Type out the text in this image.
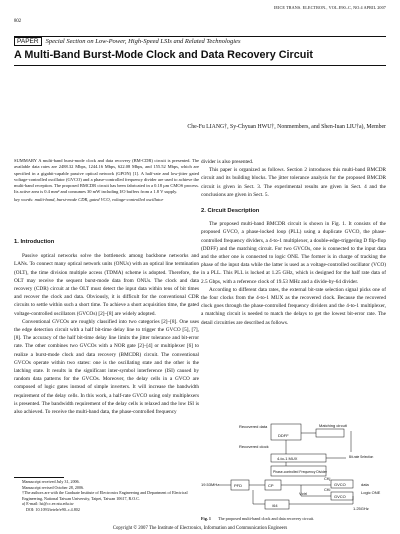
IEICE TRANS. ELECTRON., VOL.E90–C, NO.4 APRIL 2007
802
PAPER Special Section on Low-Power, High-Speed LSIs and Related Technologies
A Multi-Band Burst-Mode Clock and Data Recovery Circuit
Che-Fu LIANG†, Sy-Chyuan HWU†, Nonmembers, and Shen-Iuan LIU†a), Member
SUMMARY A multi-band burst-mode clock and data recovery (BM-CDR) circuit is presented. The available data rates are 2488.32 Mbps, 1244.16 Mbps, 622.08 Mbps, and 155.52 Mbps, which are specified in a gigabit-capable passive optical network (GPON) [1]. A half-rate and low-jitter gated voltage-controlled oscillator (GVCO) and a phase-controlled frequency divider are used to achieve the multi-band reception. The proposed BMCDR circuit has been fabricated in a 0.18 μm CMOS process. Its active area is 0.4 mm² and consumes 30 mW including I/O buffers from a 1.8 V supply.
key words: multi-band, burst-mode CDR, gated VCO, voltage-controlled oscillator
1. Introduction

Passive optical networks solve the bottleneck among backbone networks and LANs. To connect many optical network units (ONUs) with an optical line termination (OLT), the time division multiple access (TDMA) scheme is adopted. Therefore, the OLT may receive the sequent burst-mode data from ONUs. The clock and data recovery (CDR) circuit at the OLT must detect the input data within tens of bit times and recover the clock and data. Obviously, it is difficult for the conventional CDR circuits to settle within such a short time. To achieve a short acquisition time, the gated voltage-controlled oscillators (GVCOs) [2]–[8] are widely adopted.

Conventional GVCOs are roughly classified into two categories [2]–[8]. One uses the edge detection circuit with a half bit-time delay line to trigger the GVCO [5], [7], [8]. The accuracy of the half bit-time delay line limits the jitter tolerance and bit-error rate. The other combines two GVCOs with a NOR gate [2]–[4] or multiplexer [6] to realize a burst-mode clock and data recovery (BMCDR) circuit. The conventional GVCOs operate within two states: one is the oscillating state and the other is the latching state. It results in the significant inter-symbol interference (ISI) caused by random data patterns for the GVCOs. Moreover, the delay cells in a GVCO are composed of logic gates instead of simple inverters. It will increase the bandwidth requirement of the delay cells. In this work, a half-rate GVCO using only multiplexers is presented. The bandwidth requirement of the delay cells is relaxed and the low ISI is also achieved. To receive the multi-band data, the phase-controlled frequency

Manuscript received July 31, 2006.
Manuscript revised October 28, 2006.
†The authors are with the Graduate Institute of Electronics Engineering and Department of Electrical Engineering, National Taiwan University, Taipei, Taiwan 10617, R.O.C.
a) E-mail: lsi@cc.ee.ntu.edu.tw
DOI: 10.1093/ietele/e90–c.4.802
divider is also presented.

This paper is organized as follows. Section 2 introduces this multi-band BMCDR circuit and its building blocks. The jitter tolerance analysis for the proposed BMCDR circuit is given in Sect. 3. The experimental results are given in Sect. 4 and the conclusions are given in Sect. 5.

2. Circuit Description

The proposed multi-band BMCDR circuit is shown in Fig. 1. It consists of the proposed GVCO, a phase-locked loop (PLL) using a duplicate GVCO, the phase-controlled frequency dividers, a 4-to-1 multiplexer, a double-edge-triggering D flip-flop (DDFF) and the matching circuit. For two GVCOs, one is connected to the input data and the other one is connected to logic ONE. The former is in charge of tracking the phase of the input data while the latter is used as a voltage-controlled oscillator (VCO) in a PLL. This PLL is locked at 1.25 GHz, which is designed for the half rate data of 2.5 Gbps, with a reference clock of 19.53 MHz and a divide-by-64 divider.

According to different data rates, the external bit-rate selection signal picks one of the four clocks from the 4-to-1 MUX as the recovered clock. Because the recovered clock goes through the phase-controlled frequency dividers and the 4-to-1 multiplexer, a matching circuit is needed to match the delays to get the lowest bit-error rate. The detail circuitries are described as follows.

Recovered data
DDFF
Matching circuit
Recovered clock
4-to-1 MUX	Bit-rate Selection
Phase-controlled Frequency Divider
CKj
GVCO	data
CKi
GVCO
Logic ONE
19.53MHz	PFD	CP
Vctrl
/64
1.25GHz
Fig. 1 The proposed multi-band clock and data recovery circuit.
Copyright © 2007 The Institute of Electronics, Information and Communication Engineers
